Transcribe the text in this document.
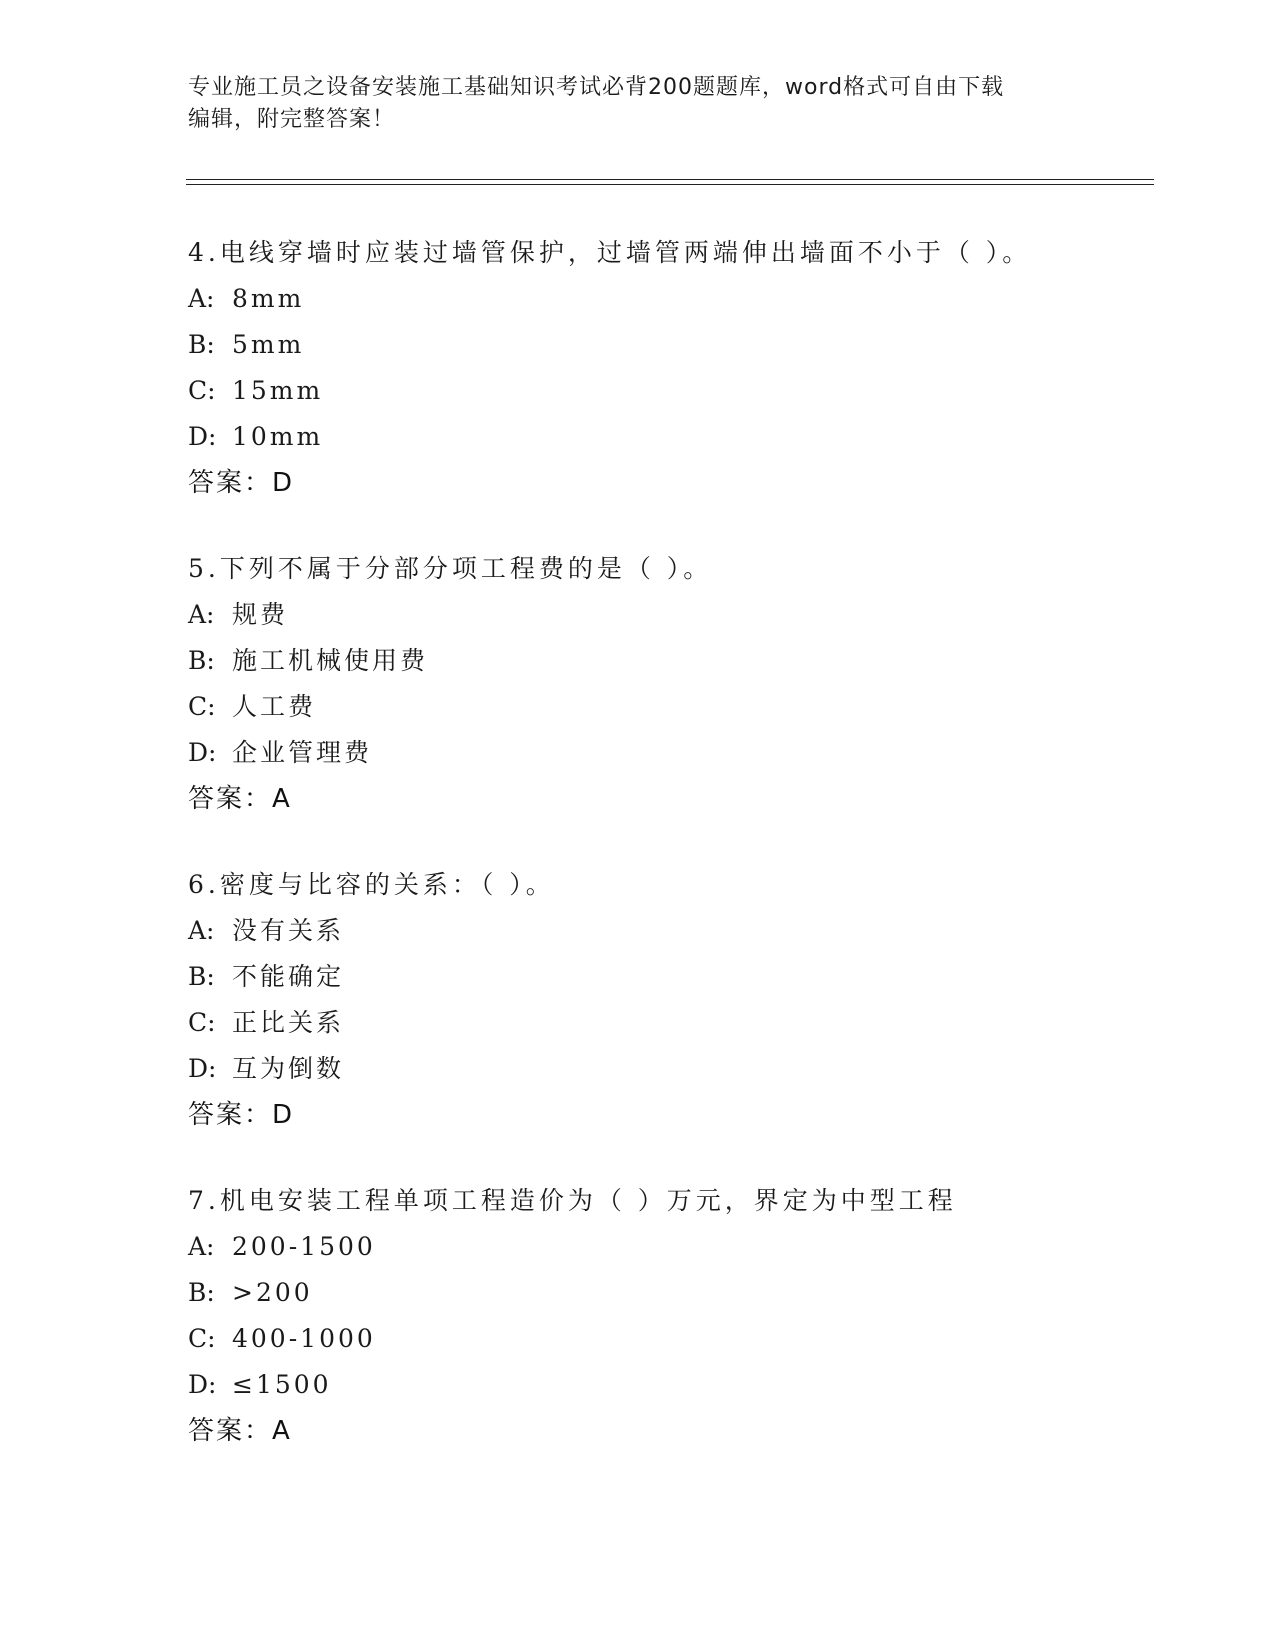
专业施工员之设备安装施工基础知识考试必背200题题库，word格式可自由下载
编辑，附完整答案！
4.电线穿墙时应装过墙管保护，过墙管两端伸出墙面不小于（ ）。
A: 8mm
B: 5mm
C: 15mm
D: 10mm
答案：D
5.下列不属于分部分项工程费的是（ ）。
A: 规费
B: 施工机械使用费
C: 人工费
D: 企业管理费
答案：A
6.密度与比容的关系：（ ）。
A: 没有关系
B: 不能确定
C: 正比关系
D: 互为倒数
答案：D
7.机电安装工程单项工程造价为（ ）万元，界定为中型工程
A: 200-1500
B: >200
C: 400-1000
D: ≤1500
答案：A
